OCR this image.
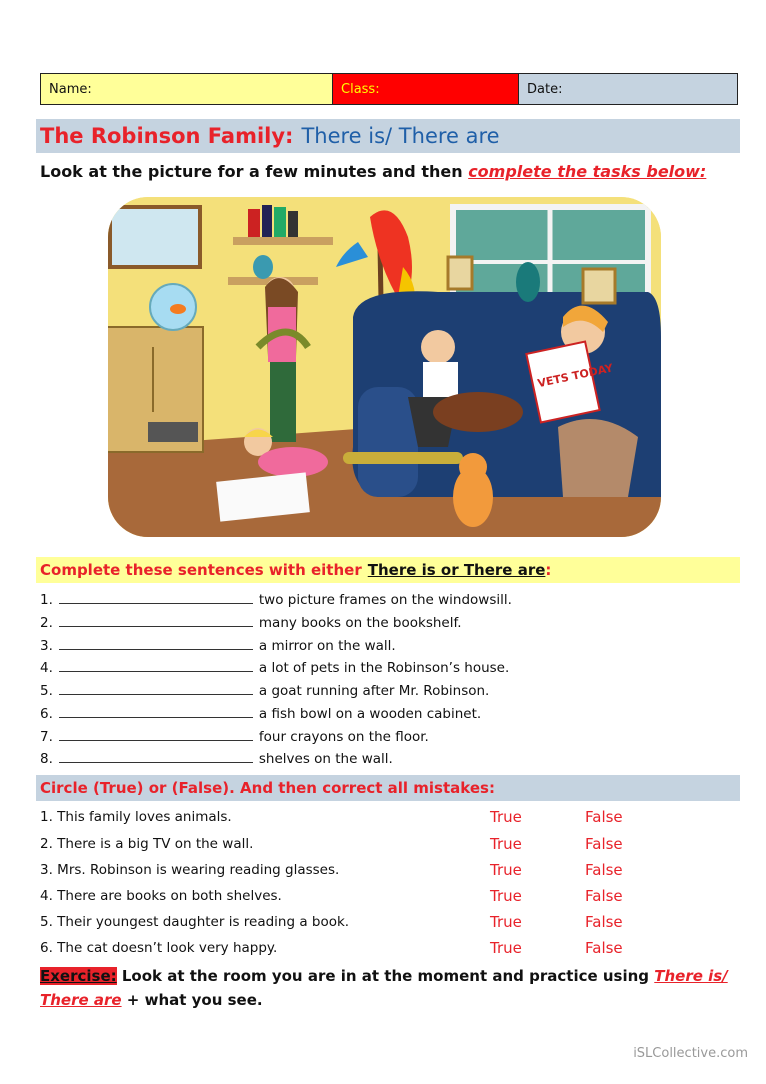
Name:	Class:	Date:
The Robinson Family: There is/ There are
Look at the picture for a few minutes and then complete the tasks below:
VETS TODAY
Complete these sentences with either There is or There are :
1.	two picture frames on the windowsill.
2.	many books on the bookshelf.
3.	a mirror on the wall.
4.	a lot of pets in the Robinson’s house.
5.	a goat running after Mr. Robinson.
6.	a fish bowl on a wooden cabinet.
7.	four crayons on the floor.
8.	shelves on the wall.
Circle (True) or (False). And then correct all mistakes:
1. This family loves animals.	True	False
2. There is a big TV on the wall.	True	False
3. Mrs. Robinson is wearing reading glasses.	True	False
4. There are books on both shelves.	True	False
5. Their youngest daughter is reading a book.	True	False
6. The cat doesn’t look very happy.	True	False
Exercise: Look at the room you are in at the moment and practice using There is/ There are + what you see.
iSLCollective.com
